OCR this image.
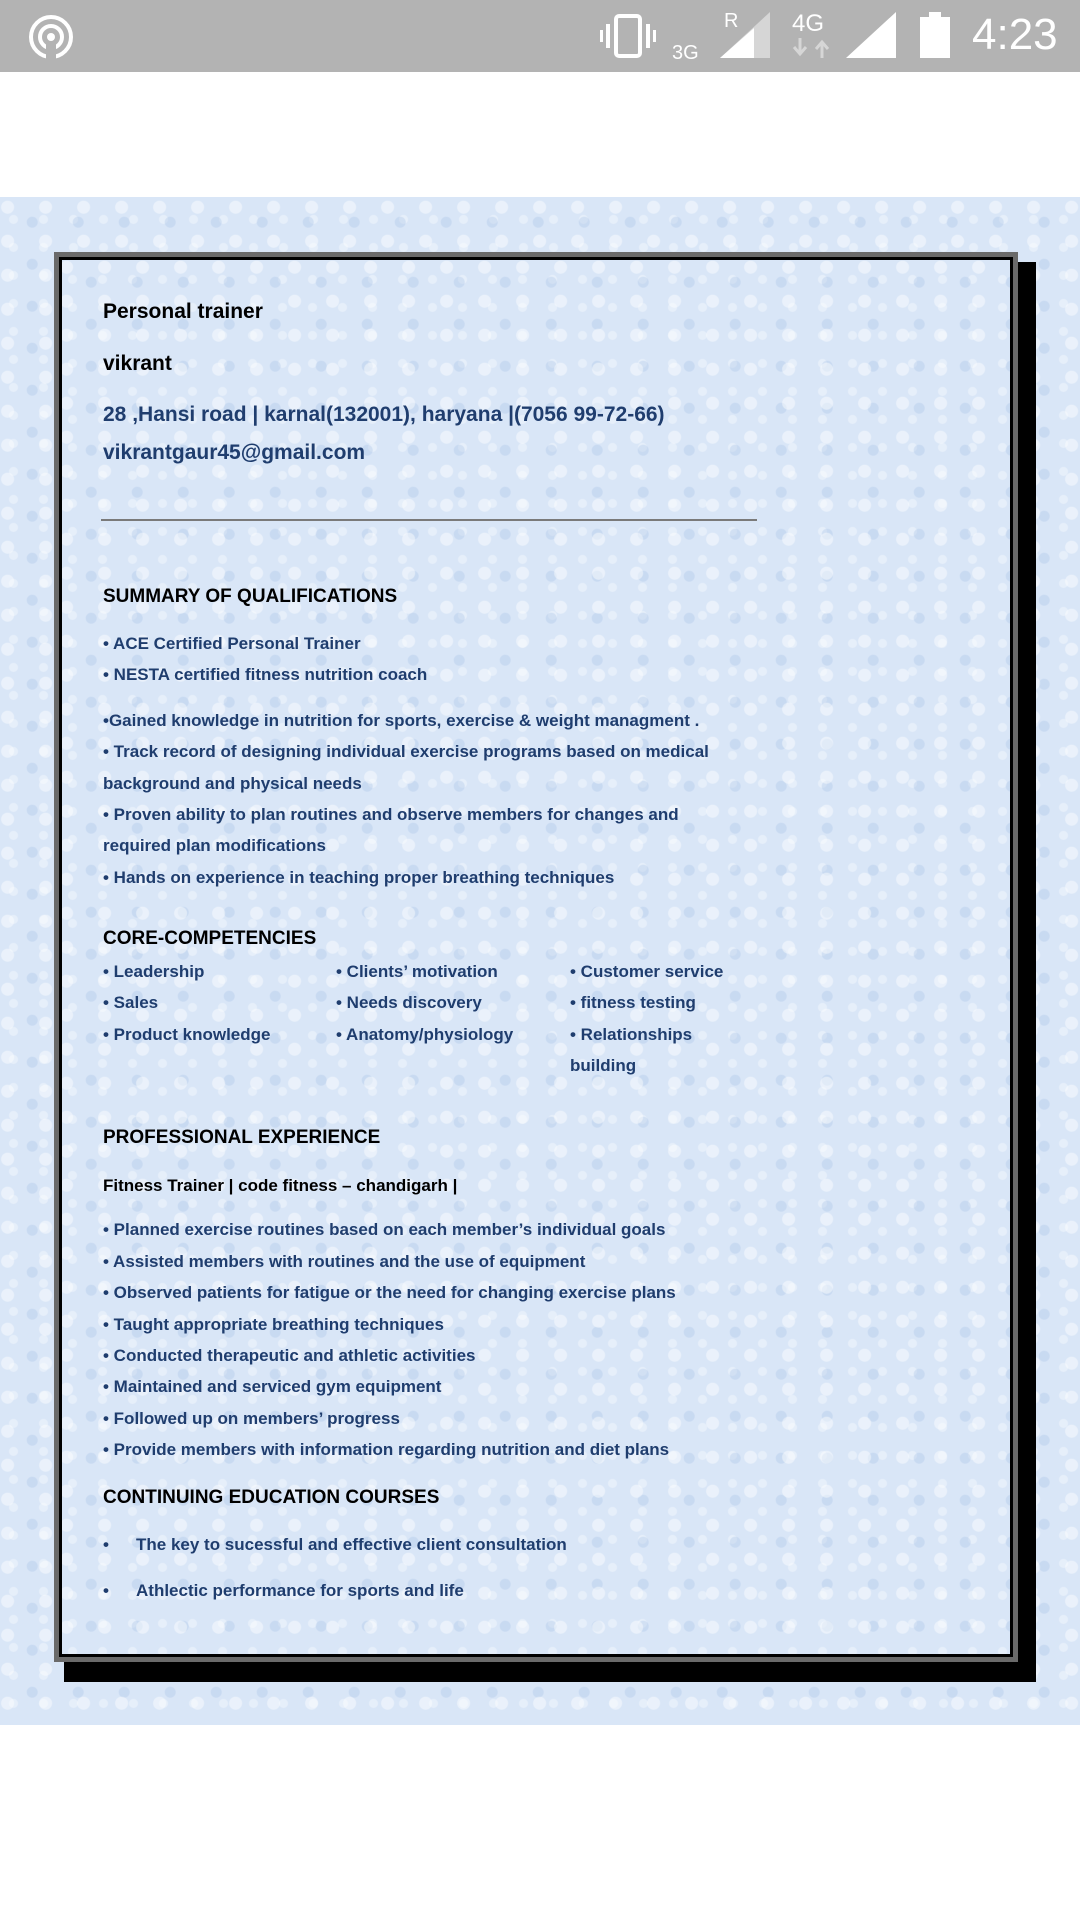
3G
R 4G	4:23
Personal trainer
vikrant
28 ,Hansi road | karnal(132001), haryana |(7056 99-72-66)
vikrantgaur45@gmail.com
SUMMARY OF QUALIFICATIONS
• ACE Certified Personal Trainer
• NESTA certified fitness nutrition coach
•Gained knowledge in nutrition for sports, exercise & weight managment .
• Track record of designing individual exercise programs based on medical
background and physical needs
• Proven ability to plan routines and observe members for changes and
required plan modifications
• Hands on experience in teaching proper breathing techniques
CORE-COMPETENCIES
• Leadership
• Sales
• Product knowledge
• Clients’ motivation
• Needs discovery
• Anatomy/physiology
• Customer service
• fitness testing
• Relationships
building
PROFESSIONAL EXPERIENCE
Fitness Trainer | code fitness – chandigarh |
• Planned exercise routines based on each member’s individual goals
• Assisted members with routines and the use of equipment
• Observed patients for fatigue or the need for changing exercise plans
• Taught appropriate breathing techniques
• Conducted therapeutic and athletic activities
• Maintained and serviced gym equipment
• Followed up on members’ progress
• Provide members with information regarding nutrition and diet plans
CONTINUING EDUCATION COURSES
• The key to sucessful and effective client consultation
• Athlectic performance for sports and life
